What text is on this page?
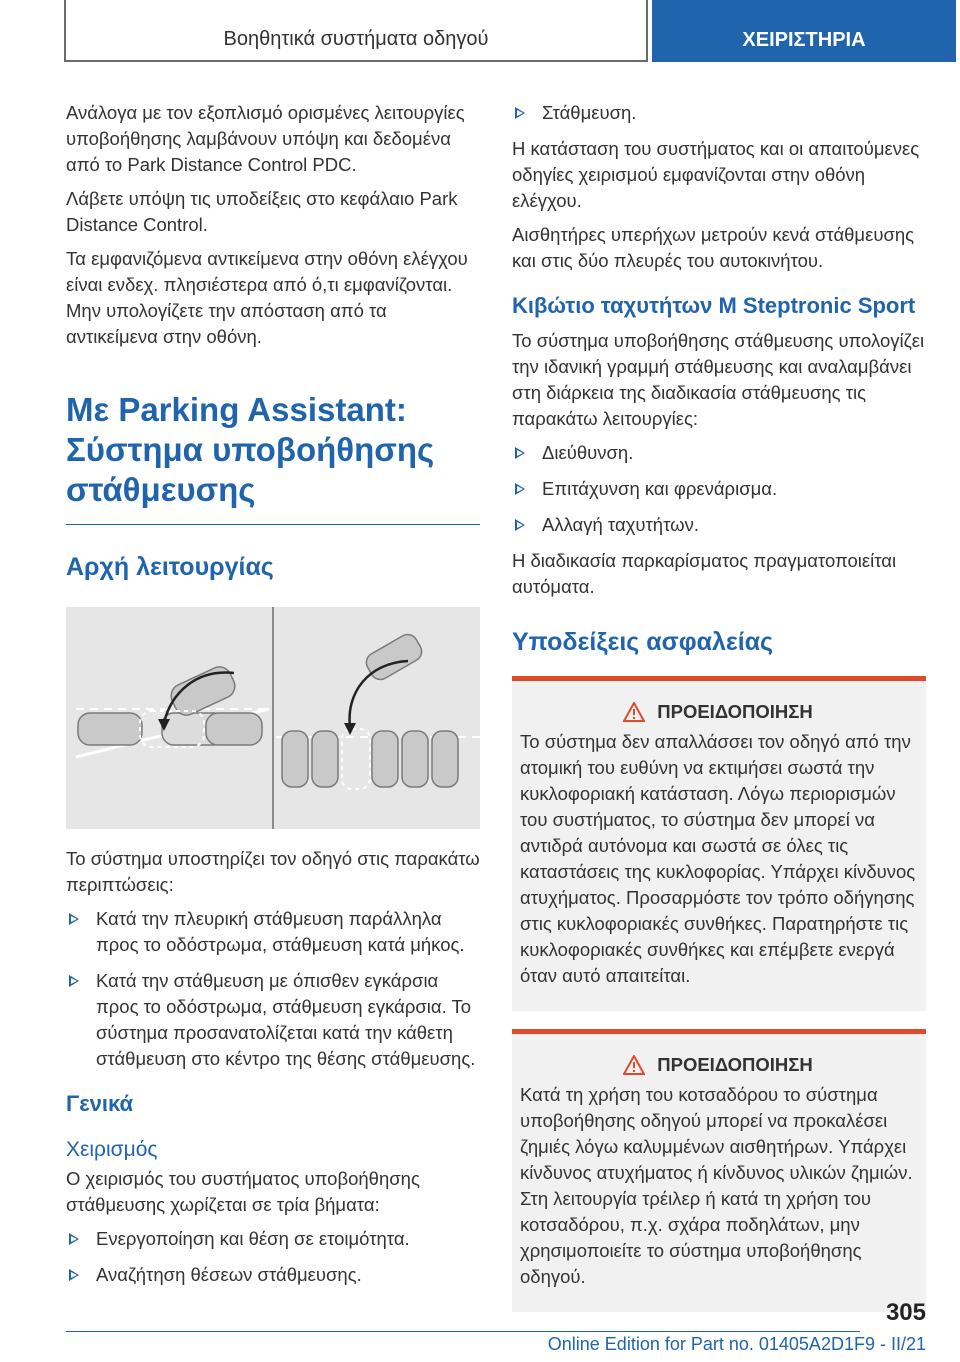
Βοηθητικά συστήματα οδηγού	ΧΕΙΡΙΣΤΗΡΙΑ

Ανάλογα με τον εξοπλισμό ορισμένες λειτουργίες υποβοήθησης λαμβάνουν υπόψη και δεδομένα από το Park Distance Control PDC.

Λάβετε υπόψη τις υποδείξεις στο κεφάλαιο Park Distance Control.

Τα εμφανιζόμενα αντικείμενα στην οθόνη ελέγχου είναι ενδεχ. πλησιέστερα από ό,τι εμφανίζονται. Μην υπολογίζετε την απόσταση από τα αντικείμενα στην οθόνη.

Με Parking Assistant: Σύστημα υποβοήθησης στάθμευσης
Αρχή λειτουργίας

Το σύστημα υποστηρίζει τον οδηγό στις παρακάτω περιπτώσεις:

Κατά την πλευρική στάθμευση παράλληλα προς το οδόστρωμα, στάθμευση κατά μήκος.
Κατά την στάθμευση με όπισθεν εγκάρσια προς το οδόστρωμα, στάθμευση εγκάρσια. Το σύστημα προσανατολίζεται κατά την κάθετη στάθμευση στο κέντρο της θέσης στάθμευσης.
Γενικά
Χειρισμός

Ο χειρισμός του συστήματος υποβοήθησης στάθμευσης χωρίζεται σε τρία βήματα:

Ενεργοποίηση και θέση σε ετοιμότητα.
Αναζήτηση θέσεων στάθμευσης.
Στάθμευση.

Η κατάσταση του συστήματος και οι απαιτούμενες οδηγίες χειρισμού εμφανίζονται στην οθόνη ελέγχου.

Αισθητήρες υπερήχων μετρούν κενά στάθμευσης και στις δύο πλευρές του αυτοκινήτου.

Κιβώτιο ταχυτήτων M Steptronic Sport

Το σύστημα υποβοήθησης στάθμευσης υπολογίζει την ιδανική γραμμή στάθμευσης και αναλαμβάνει στη διάρκεια της διαδικασία στάθμευσης τις παρακάτω λειτουργίες:

Διεύθυνση.
Επιτάχυνση και φρενάρισμα.
Αλλαγή ταχυτήτων.

Η διαδικασία παρκαρίσματος πραγματοποιείται αυτόματα.

Υποδείξεις ασφαλείας
ΠΡΟΕΙΔΟΠΟΙΗΣΗ

Το σύστημα δεν απαλλάσσει τον οδηγό από την ατομική του ευθύνη να εκτιμήσει σωστά την κυκλοφοριακή κατάσταση. Λόγω περιορισμών του συστήματος, το σύστημα δεν μπορεί να αντιδρά αυτόνομα και σωστά σε όλες τις καταστάσεις της κυκλοφορίας. Υπάρχει κίνδυνος ατυχήματος. Προσαρμόστε τον τρόπο οδήγησης στις κυκλοφοριακές συνθήκες. Παρατηρήστε τις κυκλοφοριακές συνθήκες και επέμβετε ενεργά όταν αυτό απαιτείται.

ΠΡΟΕΙΔΟΠΟΙΗΣΗ

Κατά τη χρήση του κοτσαδόρου το σύστημα υποβοήθησης οδηγού μπορεί να προκαλέσει ζημιές λόγω καλυμμένων αισθητήρων. Υπάρχει κίνδυνος ατυχήματος ή κίνδυνος υλικών ζημιών. Στη λειτουργία τρέιλερ ή κατά τη χρήση του κοτσαδόρου, π.χ. σχάρα ποδηλάτων, μην χρησιμοποιείτε το σύστημα υποβοήθησης οδηγού.

305
Online Edition for Part no. 01405A2D1F9 - II/21
